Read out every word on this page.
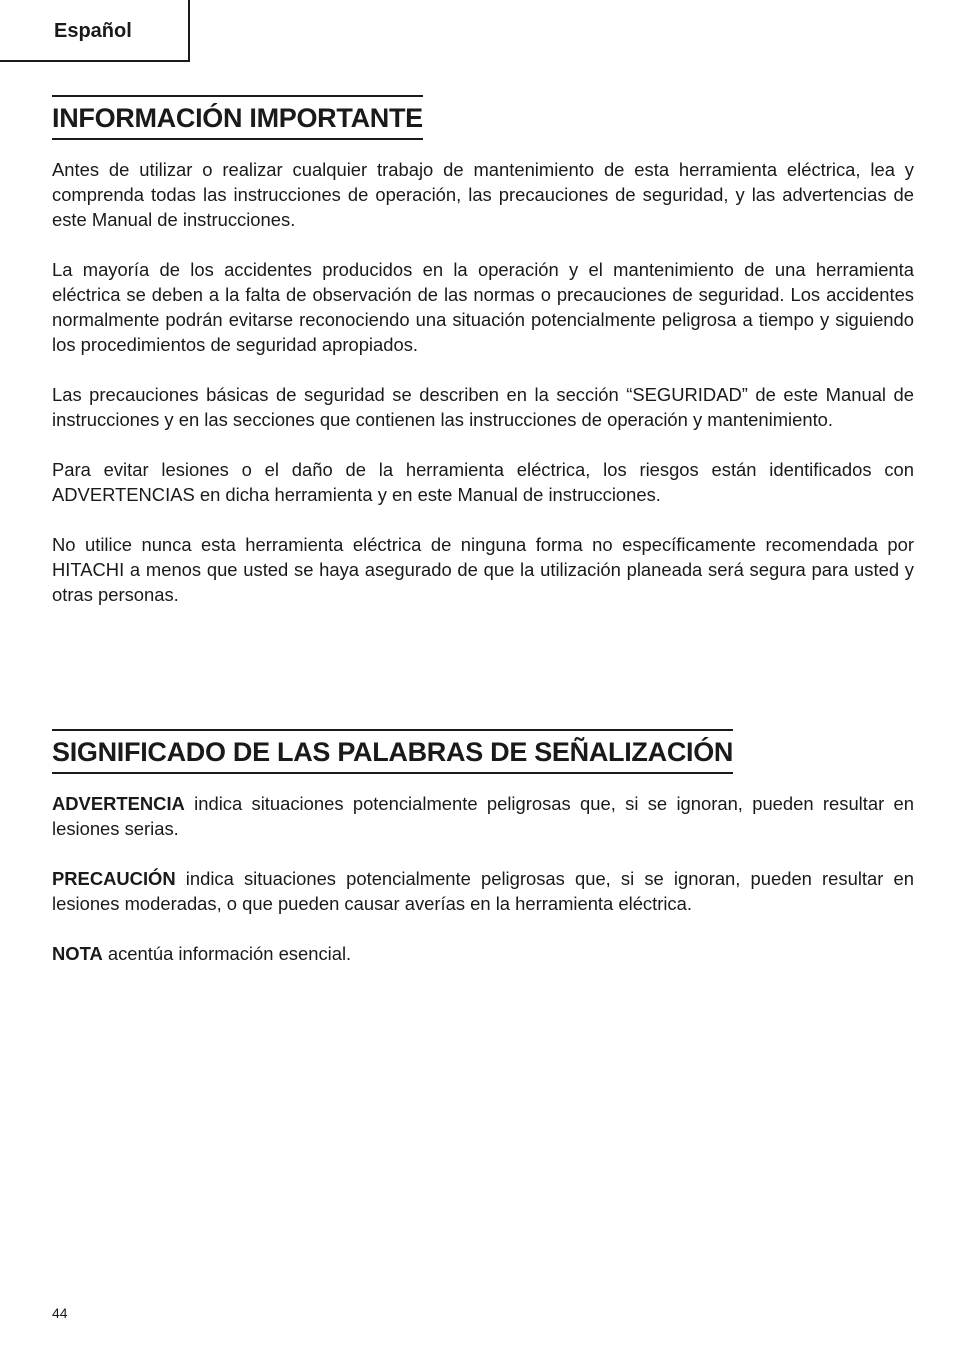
Español
INFORMACIÓN IMPORTANTE

Antes de utilizar o realizar cualquier trabajo de mantenimiento de esta herramienta eléctrica, lea y comprenda todas las instrucciones de operación, las precauciones de seguridad, y las advertencias de este Manual de instrucciones.

La mayoría de los accidentes producidos en la operación y el mantenimiento de una herramienta eléctrica se deben a la falta de observación de las normas o precauciones de seguridad. Los accidentes normalmente podrán evitarse reconociendo una situación potencialmente peligrosa a tiempo y siguiendo los procedimientos de seguridad apropiados.

Las precauciones básicas de seguridad se describen en la sección “SEGURIDAD” de este Manual de instrucciones y en las secciones que contienen las instrucciones de operación y mantenimiento.

Para evitar lesiones o el daño de la herramienta eléctrica, los riesgos están identificados con ADVERTENCIAS en dicha herramienta y en este Manual de instrucciones.

No utilice nunca esta herramienta eléctrica de ninguna forma no específicamente recomendada por HITACHI a menos que usted se haya asegurado de que la utilización planeada será segura para usted y otras personas.

SIGNIFICADO DE LAS PALABRAS DE SEÑALIZACIÓN

ADVERTENCIA indica situaciones potencialmente peligrosas que, si se ignoran, pueden resultar en lesiones serias.

PRECAUCIÓN indica situaciones potencialmente peligrosas que, si se ignoran, pueden resultar en lesiones moderadas, o que pueden causar averías en la herramienta eléctrica.

NOTA acentúa información esencial.

44
